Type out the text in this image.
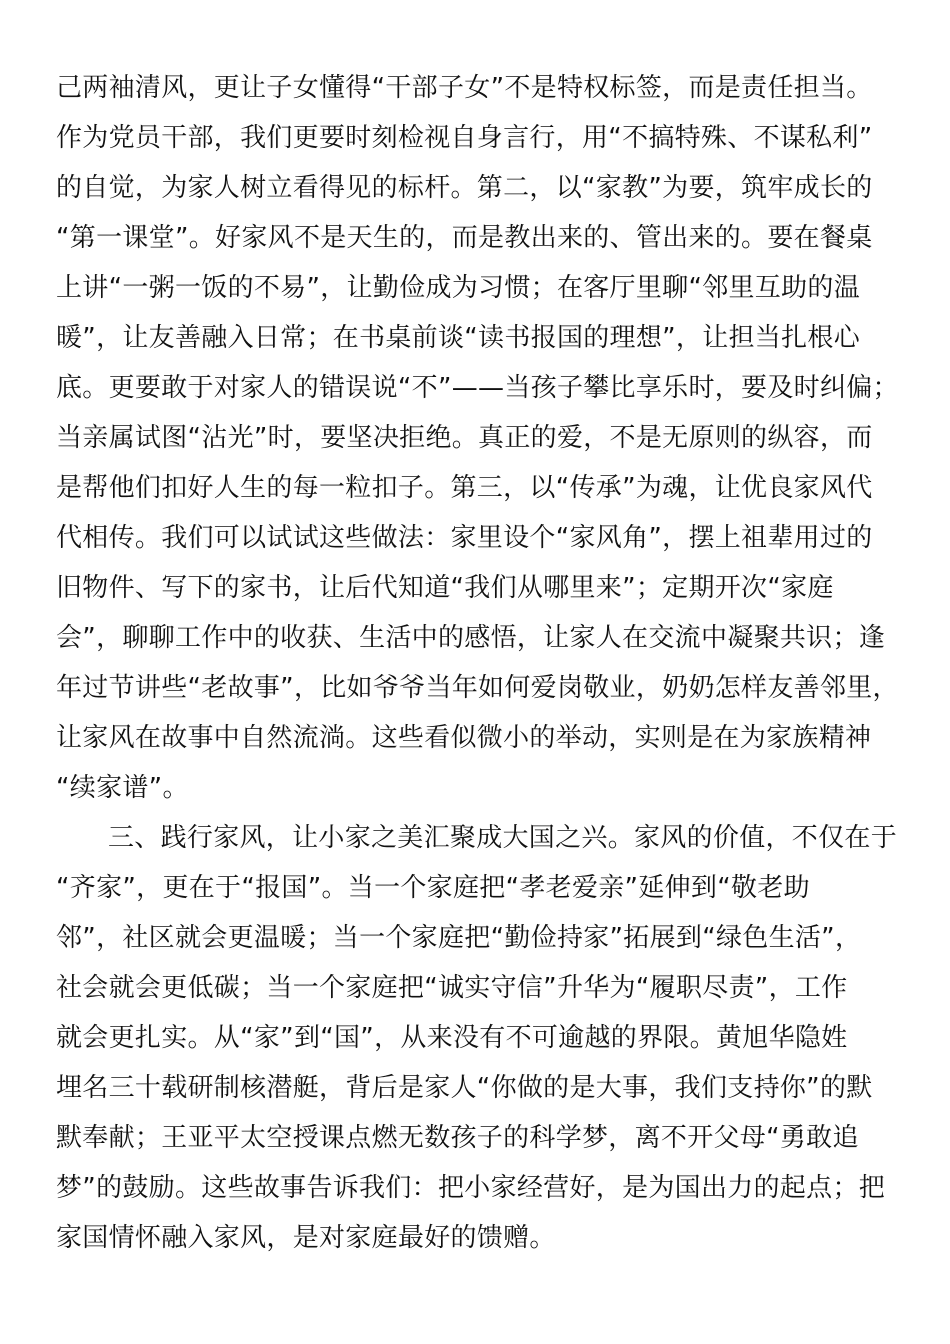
己两袖清风，更让子女懂得“干部子女”不是特权标签，而是责任担当。
作为党员干部，我们更要时刻检视自身言行，用“不搞特殊、不谋私利”
的自觉，为家人树立看得见的标杆。第二，以“家教”为要，筑牢成长的
“第一课堂”。好家风不是天生的，而是教出来的、管出来的。要在餐桌
上讲“一粥一饭的不易”，让勤俭成为习惯；在客厅里聊“邻里互助的温
暖”，让友善融入日常；在书桌前谈“读书报国的理想”，让担当扎根心
底。更要敢于对家人的错误说“不”——当孩子攀比享乐时，要及时纠偏；
当亲属试图“沾光”时，要坚决拒绝。真正的爱，不是无原则的纵容，而
是帮他们扣好人生的每一粒扣子。第三，以“传承”为魂，让优良家风代
代相传。我们可以试试这些做法：家里设个“家风角”，摆上祖辈用过的
旧物件、写下的家书，让后代知道“我们从哪里来”；定期开次“家庭
会”，聊聊工作中的收获、生活中的感悟，让家人在交流中凝聚共识；逢
年过节讲些“老故事”，比如爷爷当年如何爱岗敬业，奶奶怎样友善邻里，
让家风在故事中自然流淌。这些看似微小的举动，实则是在为家族精神
“续家谱”。
三、践行家风，让小家之美汇聚成大国之兴。家风的价值，不仅在于
“齐家”，更在于“报国”。当一个家庭把“孝老爱亲”延伸到“敬老助
邻”，社区就会更温暖；当一个家庭把“勤俭持家”拓展到“绿色生活”，
社会就会更低碳；当一个家庭把“诚实守信”升华为“履职尽责”，工作
就会更扎实。从“家”到“国”，从来没有不可逾越的界限。黄旭华隐姓
埋名三十载研制核潜艇，背后是家人“你做的是大事，我们支持你”的默
默奉献；王亚平太空授课点燃无数孩子的科学梦，离不开父母“勇敢追
梦”的鼓励。这些故事告诉我们：把小家经营好，是为国出力的起点；把
家国情怀融入家风，是对家庭最好的馈赠。
